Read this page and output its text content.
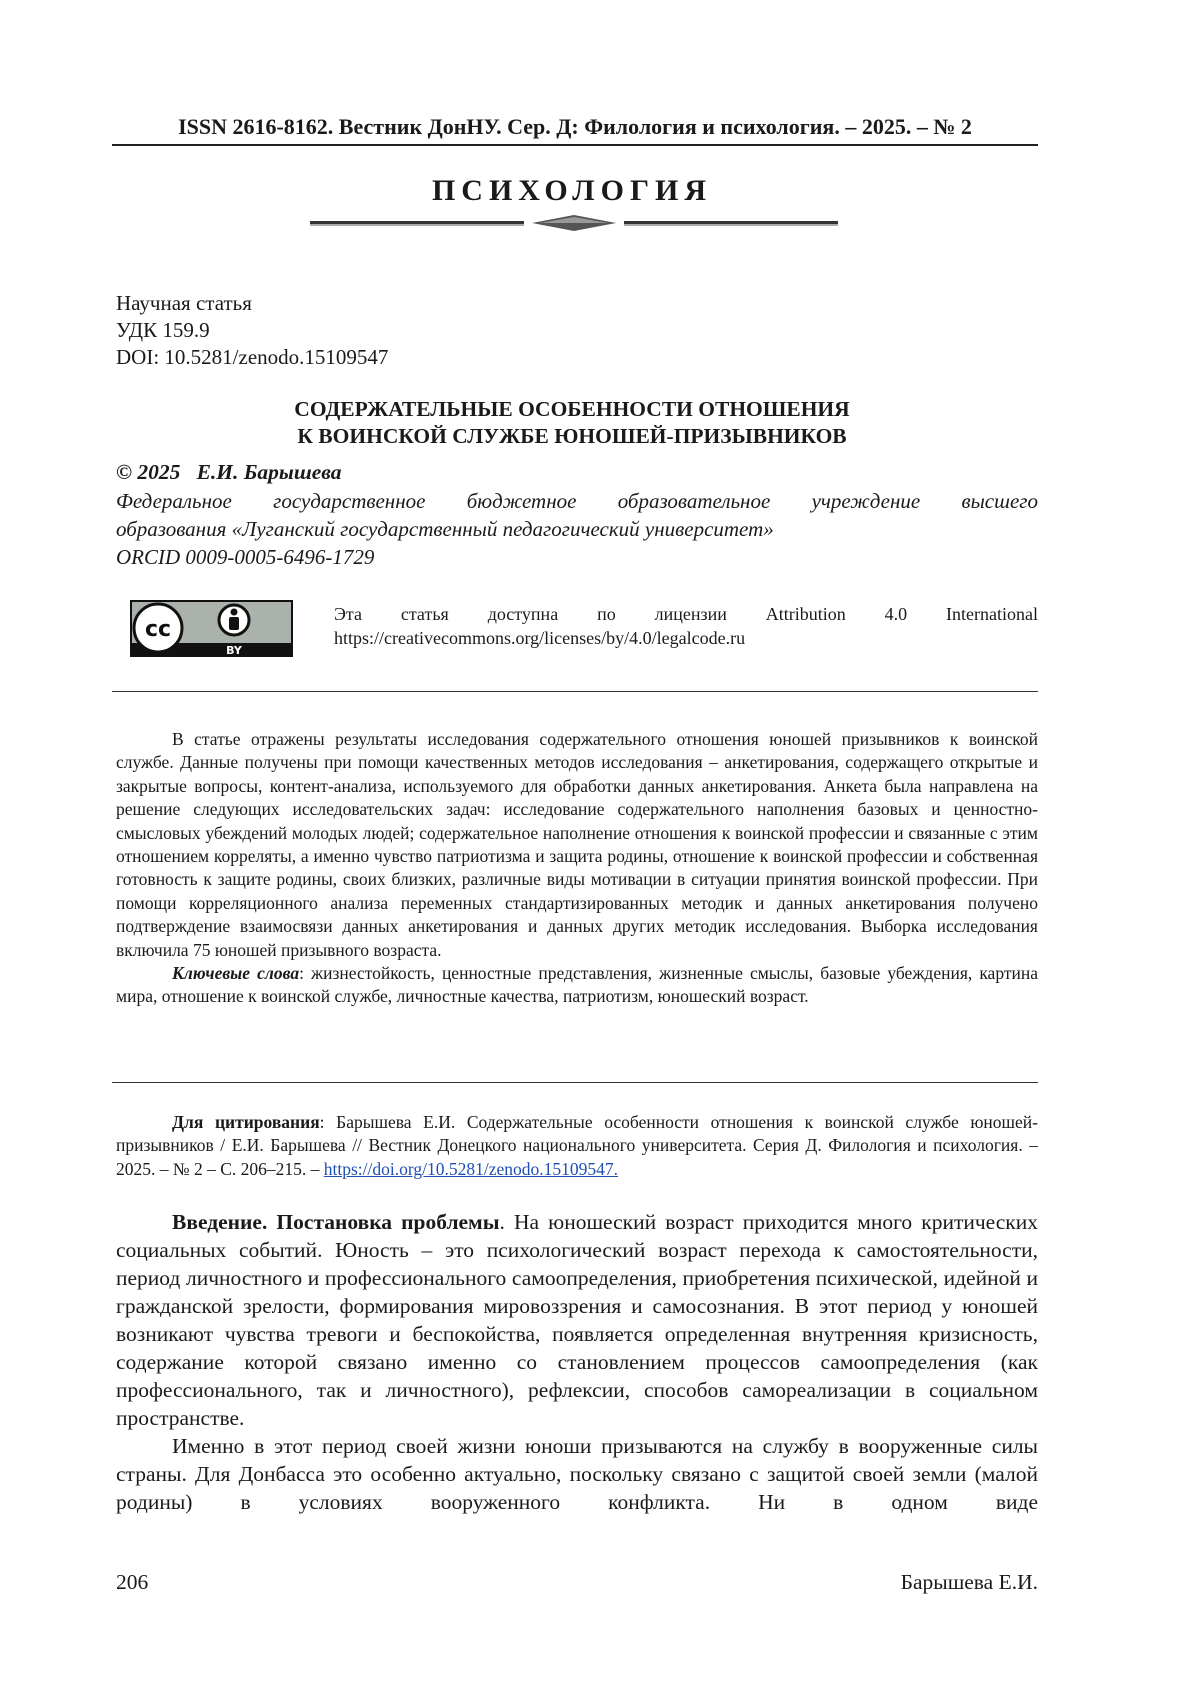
ISSN 2616-8162. Вестник ДонНУ. Сер. Д: Филология и психология. – 2025. – № 2
ПСИХОЛОГИЯ
Научная статья
УДК 159.9
DOI: 10.5281/zenodo.15109547
СОДЕРЖАТЕЛЬНЫЕ ОСОБЕННОСТИ ОТНОШЕНИЯ
К ВОИНСКОЙ СЛУЖБЕ ЮНОШЕЙ-ПРИЗЫВНИКОВ
© 2025 Е.И. Барышева
Федеральное государственное бюджетное образовательное учреждение высшего
образования «Луганский государственный педагогический университет»
ORCID 0009-0005-6496-1729
cc
BY
Эта статья доступна по лицензии Attribution 4.0 International
https://creativecommons.org/licenses/by/4.0/legalcode.ru

В статье отражены результаты исследования содержательного отношения юношей призывников к воинской службе. Данные получены при помощи качественных методов исследования – анкетирования, содержащего открытые и закрытые вопросы, контент-анализа, используемого для обработки данных анкетирования. Анкета была направлена на решение следующих исследовательских задач: исследование содержательного наполнения базовых и ценностно-смысловых убеждений молодых людей; содержательное наполнение отношения к воинской профессии и связанные с этим отношением корреляты, а именно чувство патриотизма и защита родины, отношение к воинской профессии и собственная готовность к защите родины, своих близких, различные виды мотивации в ситуации принятия воинской профессии. При помощи корреляционного анализа переменных стандартизированных методик и данных анкетирования получено подтверждение взаимосвязи данных анкетирования и данных других методик исследования. Выборка исследования включила 75 юношей призывного возраста.

Ключевые слова: жизнестойкость, ценностные представления, жизненные смыслы, базовые убеждения, картина мира, отношение к воинской службе, личностные качества, патриотизм, юношеский возраст.

Для цитирования: Барышева Е.И. Содержательные особенности отношения к воинской службе юношей-призывников / Е.И. Барышева // Вестник Донецкого национального университета. Серия Д. Филология и психология. – 2025. – № 2 – С. 206–215. – https://doi.org/10.5281/zenodo.15109547.

Введение. Постановка проблемы. На юношеский возраст приходится много критических социальных событий. Юность – это психологический возраст перехода к самостоятельности, период личностного и профессионального самоопределения, приобретения психической, идейной и гражданской зрелости, формирования мировоззрения и самосознания. В этот период у юношей возникают чувства тревоги и беспокойства, появляется определенная внутренняя кризисность, содержание которой связано именно со становлением процессов самоопределения (как профессионального, так и личностного), рефлексии, способов самореализации в социальном пространстве.

Именно в этот период своей жизни юноши призываются на службу в вооруженные силы страны. Для Донбасса это особенно актуально, поскольку связано с защитой своей земли (малой родины) в условиях вооруженного конфликта. Ни в одном виде

206	Барышева Е.И.
